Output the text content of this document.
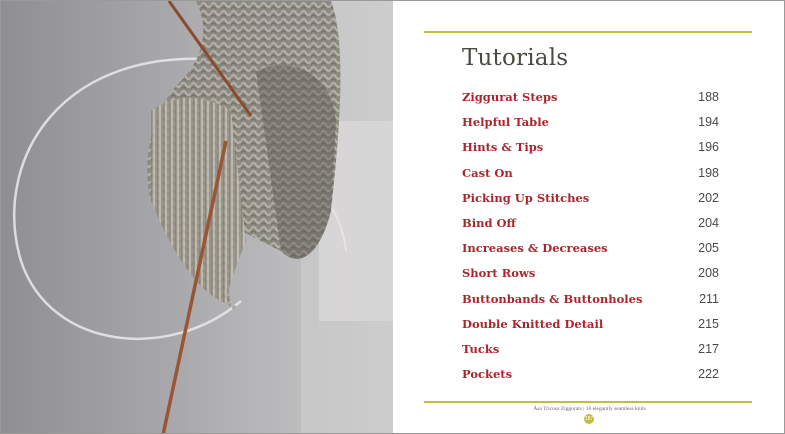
Tutorials
Ziggurat Steps	188
Helpful Table	194
Hints & Tips	196
Cast On	198
Picking Up Stitches	202
Bind Off	204
Increases & Decreases	205
Short Rows	208
Buttonbands & Buttonholes	211
Double Knitted Detail	215
Tucks	217
Pockets	222
Åsa Tricosa Ziggurats | 16 elegantly seamless knits
187
